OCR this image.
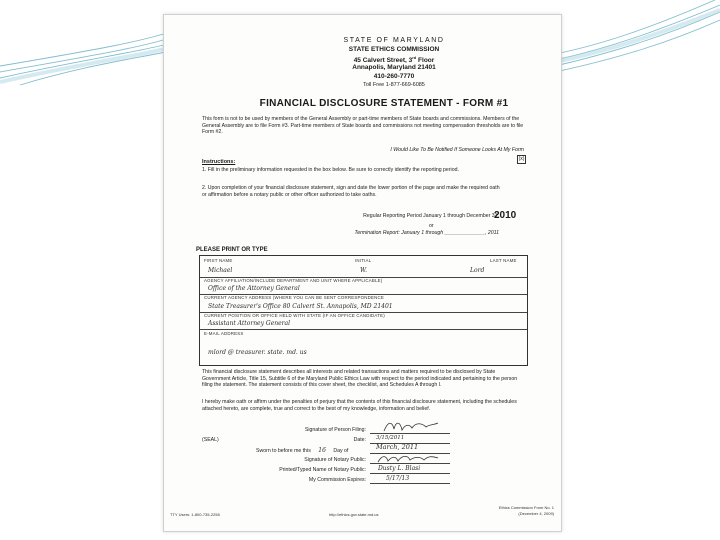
STATE OF MARYLAND
STATE ETHICS COMMISSION
45 Calvert Street, 3rd Floor
Annapolis, Maryland 21401
410-260-7770
Toll Free 1-877-669-6085
FINANCIAL DISCLOSURE STATEMENT - FORM #1
This form is not to be used by members of the General Assembly or part-time members of State boards and commissions. Members of the General Assembly are to file Form #3. Part-time members of State boards and commissions not meeting compensation thresholds are to file Form #2.
I Would Like To Be Notified If Someone Looks At My Form
(x)
Instructions:
1. Fill in the preliminary information requested in the box below. Be sure to correctly identify the reporting period.
2. Upon completion of your financial disclosure statement, sign and date the lower portion of the page and make the required oath or affirmation before a notary public or other officer authorized to take oaths.
Regular Reporting Period January 1 through December 31,
2010
or
Termination Report: January 1 through ______________, 2011
PLEASE PRINT OR TYPE
FIRST NAME	INITIAL	LAST NAME
Michael	W.	Lord
AGENCY AFFILIATION/INCLUDE DEPARTMENT AND UNIT WHERE APPLICABLE)
Office of the Attorney General
CURRENT AGENCY ADDRESS (WHERE YOU CAN BE SENT CORRESPONDENCE
State Treasurer's Office 80 Calvert St. Annapolis, MD 21401
CURRENT POSITION OR OFFICE HELD WITH STATE (IF AN OFFICE CANDIDATE)
Assistant Attorney General
E-MAIL ADDRESS
mlord @ treasurer. state. md. us
This financial disclosure statement describes all interests and related transactions and matters required to be disclosed by State Government Article, Title 15, Subtitle 6 of the Maryland Public Ethics Law with respect to the period indicated and pertaining to the person filing the statement. The statement consists of this cover sheet, the checklist, and Schedules A through I.
I hereby make oath or affirm under the penalties of perjury that the contents of this financial disclosure statement, including the schedules attached hereto, are complete, true and correct to the best of my knowledge, information and belief.
(SEAL)
Signature of Person Filing:
Date: 3/15/2011
Sworn to before me this 16 Day of	March, 2011
Signature of Notary Public:
Printed/Typed Name of Notary Public: Dusty L. Blasi
My Commission Expires:	5/17/13
TTY Users: 1-800-735-2258	http://ethics.gov.state.md.us
Ethics Commission Form No. 1
(December 4, 2009)
